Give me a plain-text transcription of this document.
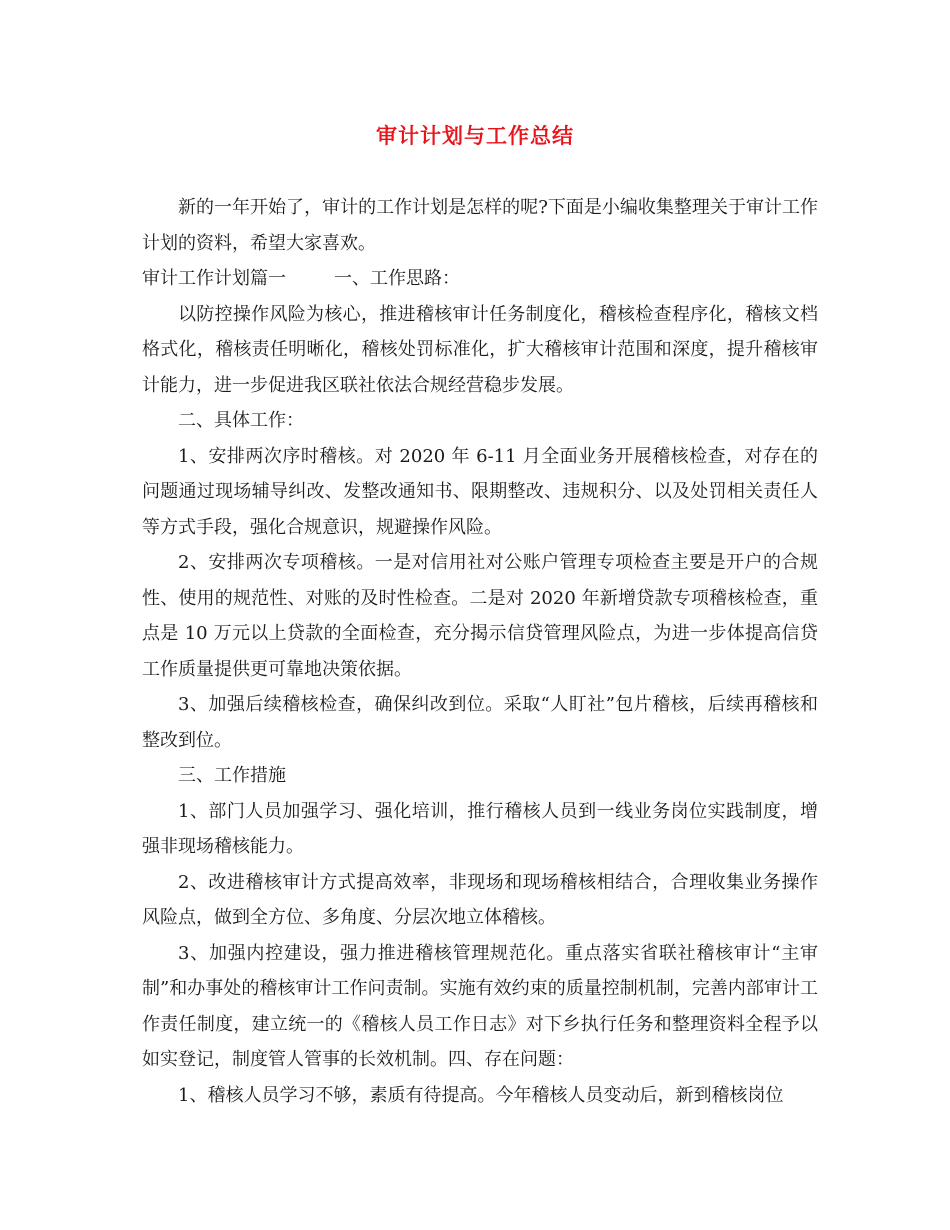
审计计划与工作总结

新的一年开始了，审计的工作计划是怎样的呢?下面是小编收集整理关于审计工作计划的资料，希望大家喜欢。

审计工作计划篇一	一、工作思路：

以防控操作风险为核心，推进稽核审计任务制度化，稽核检查程序化，稽核文档格式化，稽核责任明晰化，稽核处罚标准化，扩大稽核审计范围和深度，提升稽核审计能力，进一步促进我区联社依法合规经营稳步发展。

二、具体工作：

1、安排两次序时稽核。对 2020 年 6-11 月全面业务开展稽核检查，对存在的问题通过现场辅导纠改、发整改通知书、限期整改、违规积分、以及处罚相关责任人等方式手段，强化合规意识，规避操作风险。

2、安排两次专项稽核。一是对信用社对公账户管理专项检查主要是开户的合规性、使用的规范性、对账的及时性检查。二是对 2020 年新增贷款专项稽核检查，重点是 10 万元以上贷款的全面检查，充分揭示信贷管理风险点，为进一步体提高信贷工作质量提供更可靠地决策依据。

3、加强后续稽核检查，确保纠改到位。采取“人盯社”包片稽核，后续再稽核和整改到位。

三、工作措施

1、部门人员加强学习、强化培训，推行稽核人员到一线业务岗位实践制度，增强非现场稽核能力。

2、改进稽核审计方式提高效率，非现场和现场稽核相结合，合理收集业务操作风险点，做到全方位、多角度、分层次地立体稽核。

3、加强内控建设，强力推进稽核管理规范化。重点落实省联社稽核审计“主审制”和办事处的稽核审计工作问责制。实施有效约束的质量控制机制，完善内部审计工作责任制度，建立统一的《稽核人员工作日志》对下乡执行任务和整理资料全程予以如实登记，制度管人管事的长效机制。四、存在问题：

1、稽核人员学习不够，素质有待提高。今年稽核人员变动后，新到稽核岗位
